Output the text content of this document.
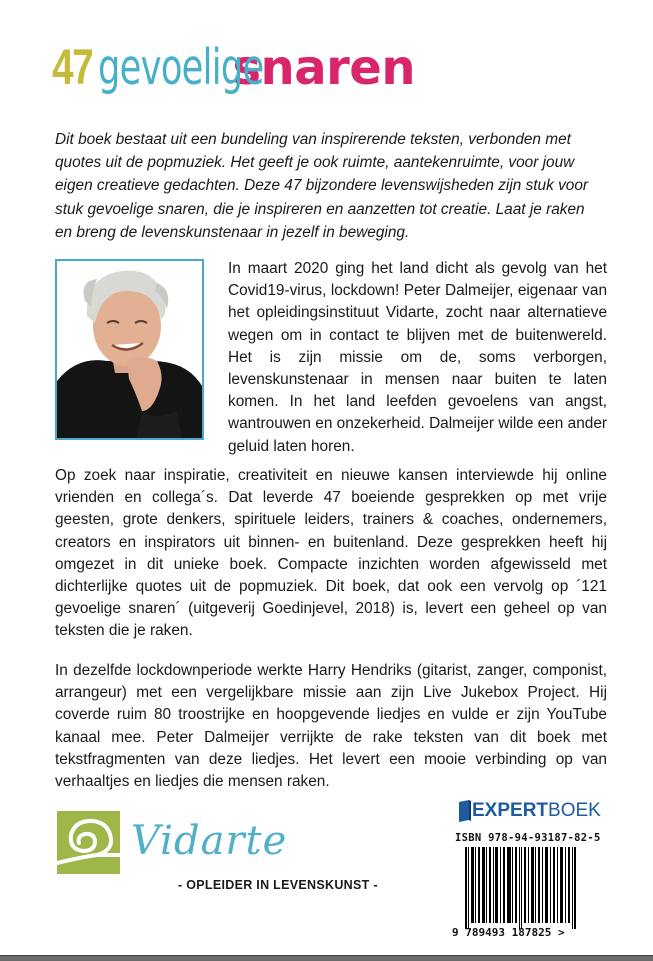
47 gevoelige
snaren

Dit boek bestaat uit een bundeling van inspirerende teksten, verbonden met quotes uit de popmuziek. Het geeft je ook ruimte, aantekenruimte, voor jouw eigen creatieve gedachten. Deze 47 bijzondere levenswijsheden zijn stuk voor stuk gevoelige snaren, die je inspireren en aanzetten tot creatie. Laat je raken en breng de levenskunstenaar in jezelf in beweging.

In maart 2020 ging het land dicht als gevolg van het Covid19-virus, lockdown! Peter Dalmeijer, eigenaar van het opleidingsinstituut Vidarte, zocht naar alternatieve wegen om in contact te blijven met de buitenwereld. Het is zijn missie om de, soms verborgen, levenskunstenaar in mensen naar buiten te laten komen. In het land leefden gevoelens van angst, wantrouwen en onzekerheid. Dalmeijer wilde een ander geluid laten horen.

Op zoek naar inspiratie, creativiteit en nieuwe kansen interviewde hij online vrienden en collega´s. Dat leverde 47 boeiende gesprekken op met vrije geesten, grote denkers, spirituele leiders, trainers & coaches, ondernemers, creators en inspirators uit binnen- en buitenland. Deze gesprekken heeft hij omgezet in dit unieke boek. Compacte inzichten worden afgewisseld met dichterlijke quotes uit de popmuziek. Dit boek, dat ook een vervolg op ´121 gevoelige snaren´ (uitgeverij Goedinjevel, 2018) is, levert een geheel op van teksten die je raken.

In dezelfde lockdownperiode werkte Harry Hendriks (gitarist, zanger, componist, arrangeur) met een vergelijkbare missie aan zijn Live Jukebox Project. Hij coverde ruim 80 troostrijke en hoopgevende liedjes en vulde er zijn YouTube kanaal mee. Peter Dalmeijer verrijkte de rake teksten van dit boek met tekstfragmenten van deze liedjes. Het levert een mooie verbinding op van verhaaltjes en liedjes die mensen raken.

Vidarte
- OPLEIDER IN LEVENSKUNST -
EXPERT BOEK
ISBN 978-94-93187-82-5
9 789493 187825 >
